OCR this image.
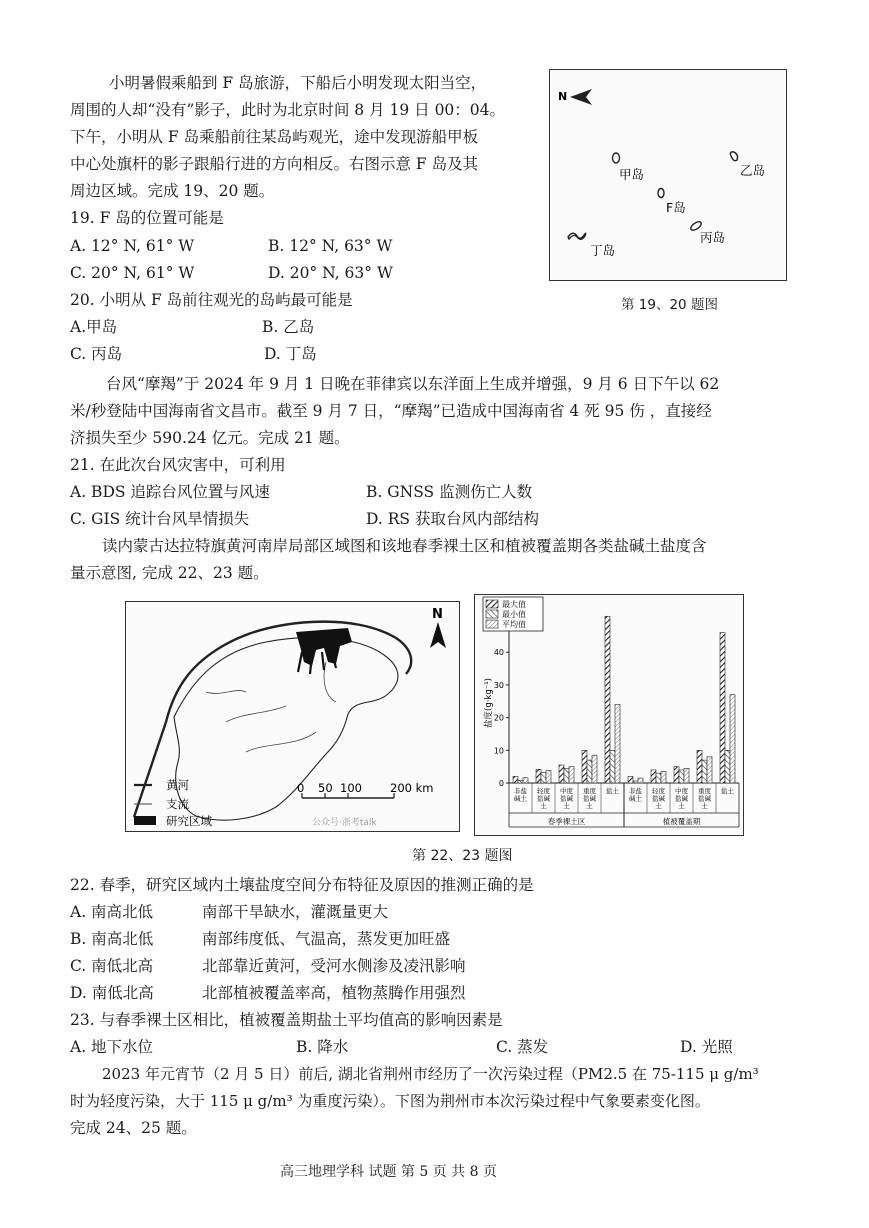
小明暑假乘船到 F 岛旅游，下船后小明发现太阳当空，
周围的人却“没有”影子，此时为北京时间 8 月 19 日 00：04。
下午，小明从 F 岛乘船前往某岛屿观光，途中发现游船甲板
中心处旗杆的影子跟船行进的方向相反。右图示意 F 岛及其
周边区域。完成 19、20 题。
19. F 岛的位置可能是
A. 12° N, 61° W	B. 12° N, 63° W
C. 20° N, 61° W	D. 20° N, 63° W
20. 小明从 F 岛前往观光的岛屿最可能是
A.甲岛	B. 乙岛
C. 丙岛	D. 丁岛
N
甲岛	乙岛
F岛
丙岛
丁岛
第 19、20 题图
台风“摩羯”于 2024 年 9 月 1 日晚在菲律宾以东洋面上生成并增强，9 月 6 日下午以 62
米/秒登陆中国海南省文昌市。截至 9 月 7 日，“摩羯”已造成中国海南省 4 死 95 伤 ，直接经
济损失至少 590.24 亿元。完成 21 题。
21. 在此次台风灾害中，可利用
A. BDS 追踪台风位置与风速	B. GNSS 监测伤亡人数
C. GIS 统计台风旱情损失	D. RS 获取台风内部结构
读内蒙古达拉特旗黄河南岸局部区域图和该地春季裸土区和植被覆盖期各类盐碱土盐度含
量示意图, 完成 22、23 题。
N
黄河
支流
研究区域
0 50 100 200 km
公众号·浙考talk
0
10
20
30
40
盐度(g·kg⁻¹)
最大值
最小值
平均值
非盐碱土
轻度盐碱土
中度盐碱土
重度盐碱土
盐土
春季裸土区
非盐碱土
轻度盐碱土
中度盐碱土
重度盐碱土
盐土
植被覆盖期
第 22、23 题图
22. 春季，研究区域内土壤盐度空间分布特征及原因的推测正确的是
A. 南高北低	南部干旱缺水，灌溉量更大
B. 南高北低	南部纬度低、气温高，蒸发更加旺盛
C. 南低北高	北部靠近黄河，受河水侧渗及凌汛影响
D. 南低北高	北部植被覆盖率高，植物蒸腾作用强烈
23. 与春季裸土区相比，植被覆盖期盐土平均值高的影响因素是
A. 地下水位	B. 降水	C. 蒸发	D. 光照
2023 年元宵节（2 月 5 日）前后, 湖北省荆州市经历了一次污染过程（PM2.5 在 75-115 μ g/m³
时为轻度污染，大于 115 μ g/m³ 为重度污染）。下图为荆州市本次污染过程中气象要素变化图。
完成 24、25 题。
高三地理学科 试题 第 5 页 共 8 页
